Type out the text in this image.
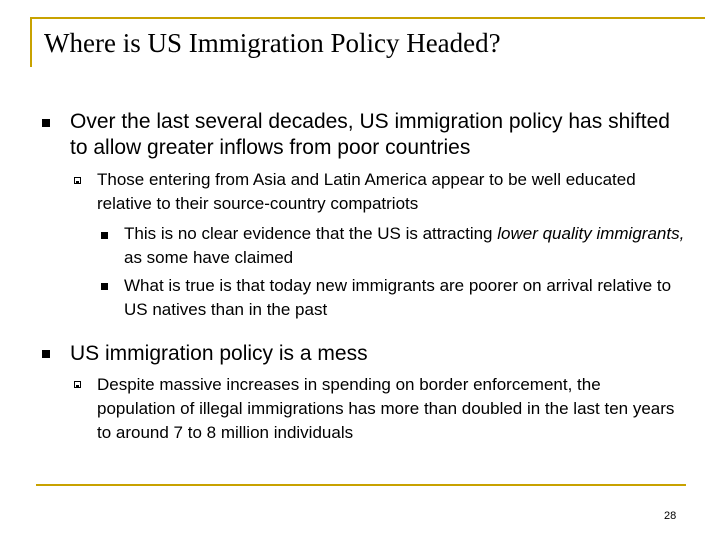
Where is US Immigration Policy Headed?

Over the last several decades, US immigration policy has shifted to allow greater inflows from poor countries

Those entering from Asia and Latin America appear to be well educated relative to their source-country compatriots

This is no clear evidence that the US is attracting lower quality immigrants, as some have claimed

What is true is that today new immigrants are poorer on arrival relative to US natives than in the past

US immigration policy is a mess

Despite massive increases in spending on border enforcement, the population of illegal immigrations has more than doubled in the last ten years to around 7 to 8 million individuals

28
